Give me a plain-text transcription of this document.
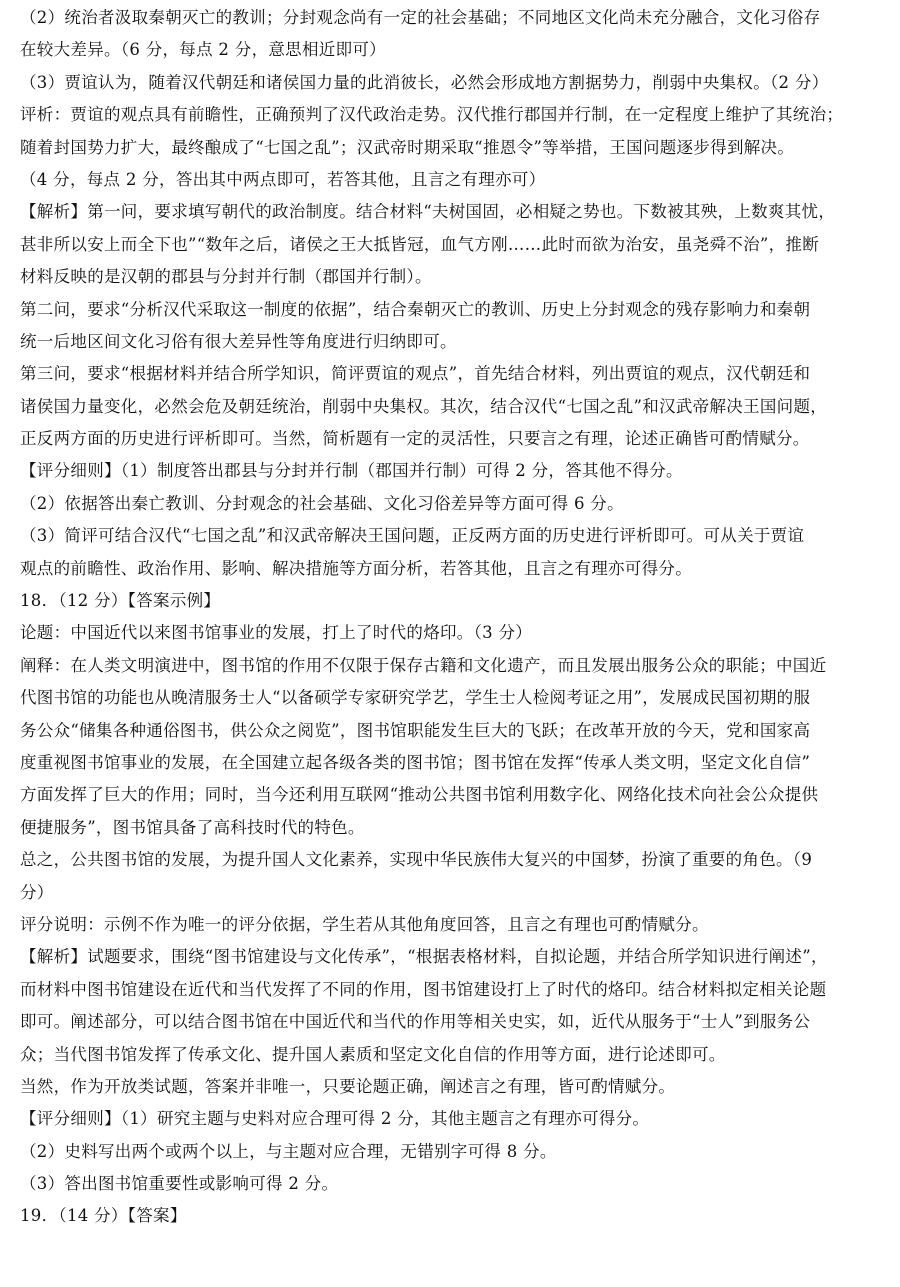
（2）统治者汲取秦朝灭亡的教训；分封观念尚有一定的社会基础；不同地区文化尚未充分融合，文化习俗存
在较大差异。（6 分，每点 2 分，意思相近即可）
（3）贾谊认为，随着汉代朝廷和诸侯国力量的此消彼长，必然会形成地方割据势力，削弱中央集权。（2 分）
评析：贾谊的观点具有前瞻性，正确预判了汉代政治走势。汉代推行郡国并行制，在一定程度上维护了其统治；
随着封国势力扩大，最终酿成了“七国之乱”；汉武帝时期采取“推恩令”等举措，王国问题逐步得到解决。
（4 分，每点 2 分，答出其中两点即可，若答其他，且言之有理亦可）
【解析】第一问，要求填写朝代的政治制度。结合材料“夫树国固，必相疑之势也。下数被其殃，上数爽其忧，
甚非所以安上而全下也”“数年之后，诸侯之王大抵皆冠，血气方刚……此时而欲为治安，虽尧舜不治”，推断
材料反映的是汉朝的郡县与分封并行制（郡国并行制）。
第二问，要求“分析汉代采取这一制度的依据”，结合秦朝灭亡的教训、历史上分封观念的残存影响力和秦朝
统一后地区间文化习俗有很大差异性等角度进行归纳即可。
第三问，要求“根据材料并结合所学知识，简评贾谊的观点”，首先结合材料，列出贾谊的观点，汉代朝廷和
诸侯国力量变化，必然会危及朝廷统治，削弱中央集权。其次，结合汉代“七国之乱”和汉武帝解决王国问题，
正反两方面的历史进行评析即可。当然，简析题有一定的灵活性，只要言之有理，论述正确皆可酌情赋分。
【评分细则】（1）制度答出郡县与分封并行制（郡国并行制）可得 2 分，答其他不得分。
（2）依据答出秦亡教训、分封观念的社会基础、文化习俗差异等方面可得 6 分。
（3）简评可结合汉代“七国之乱”和汉武帝解决王国问题，正反两方面的历史进行评析即可。可从关于贾谊
观点的前瞻性、政治作用、影响、解决措施等方面分析，若答其他，且言之有理亦可得分。
18．（12 分）【答案示例】
论题：中国近代以来图书馆事业的发展，打上了时代的烙印。（3 分）
阐释：在人类文明演进中，图书馆的作用不仅限于保存古籍和文化遗产，而且发展出服务公众的职能；中国近
代图书馆的功能也从晚清服务士人“以备硕学专家研究学艺，学生士人检阅考证之用”，发展成民国初期的服
务公众“储集各种通俗图书，供公众之阅览”，图书馆职能发生巨大的飞跃；在改革开放的今天，党和国家高
度重视图书馆事业的发展，在全国建立起各级各类的图书馆；图书馆在发挥“传承人类文明，坚定文化自信”
方面发挥了巨大的作用；同时，当今还利用互联网“推动公共图书馆利用数字化、网络化技术向社会公众提供
便捷服务”，图书馆具备了高科技时代的特色。
总之，公共图书馆的发展，为提升国人文化素养，实现中华民族伟大复兴的中国梦，扮演了重要的角色。（9
分）
评分说明：示例不作为唯一的评分依据，学生若从其他角度回答，且言之有理也可酌情赋分。
【解析】试题要求，围绕“图书馆建设与文化传承”，“根据表格材料，自拟论题，并结合所学知识进行阐述”，
而材料中图书馆建设在近代和当代发挥了不同的作用，图书馆建设打上了时代的烙印。结合材料拟定相关论题
即可。阐述部分，可以结合图书馆在中国近代和当代的作用等相关史实，如，近代从服务于“士人”到服务公
众；当代图书馆发挥了传承文化、提升国人素质和坚定文化自信的作用等方面，进行论述即可。
当然，作为开放类试题，答案并非唯一，只要论题正确，阐述言之有理，皆可酌情赋分。
【评分细则】（1）研究主题与史料对应合理可得 2 分，其他主题言之有理亦可得分。
（2）史料写出两个或两个以上，与主题对应合理，无错别字可得 8 分。
（3）答出图书馆重要性或影响可得 2 分。
19．（14 分）【答案】
